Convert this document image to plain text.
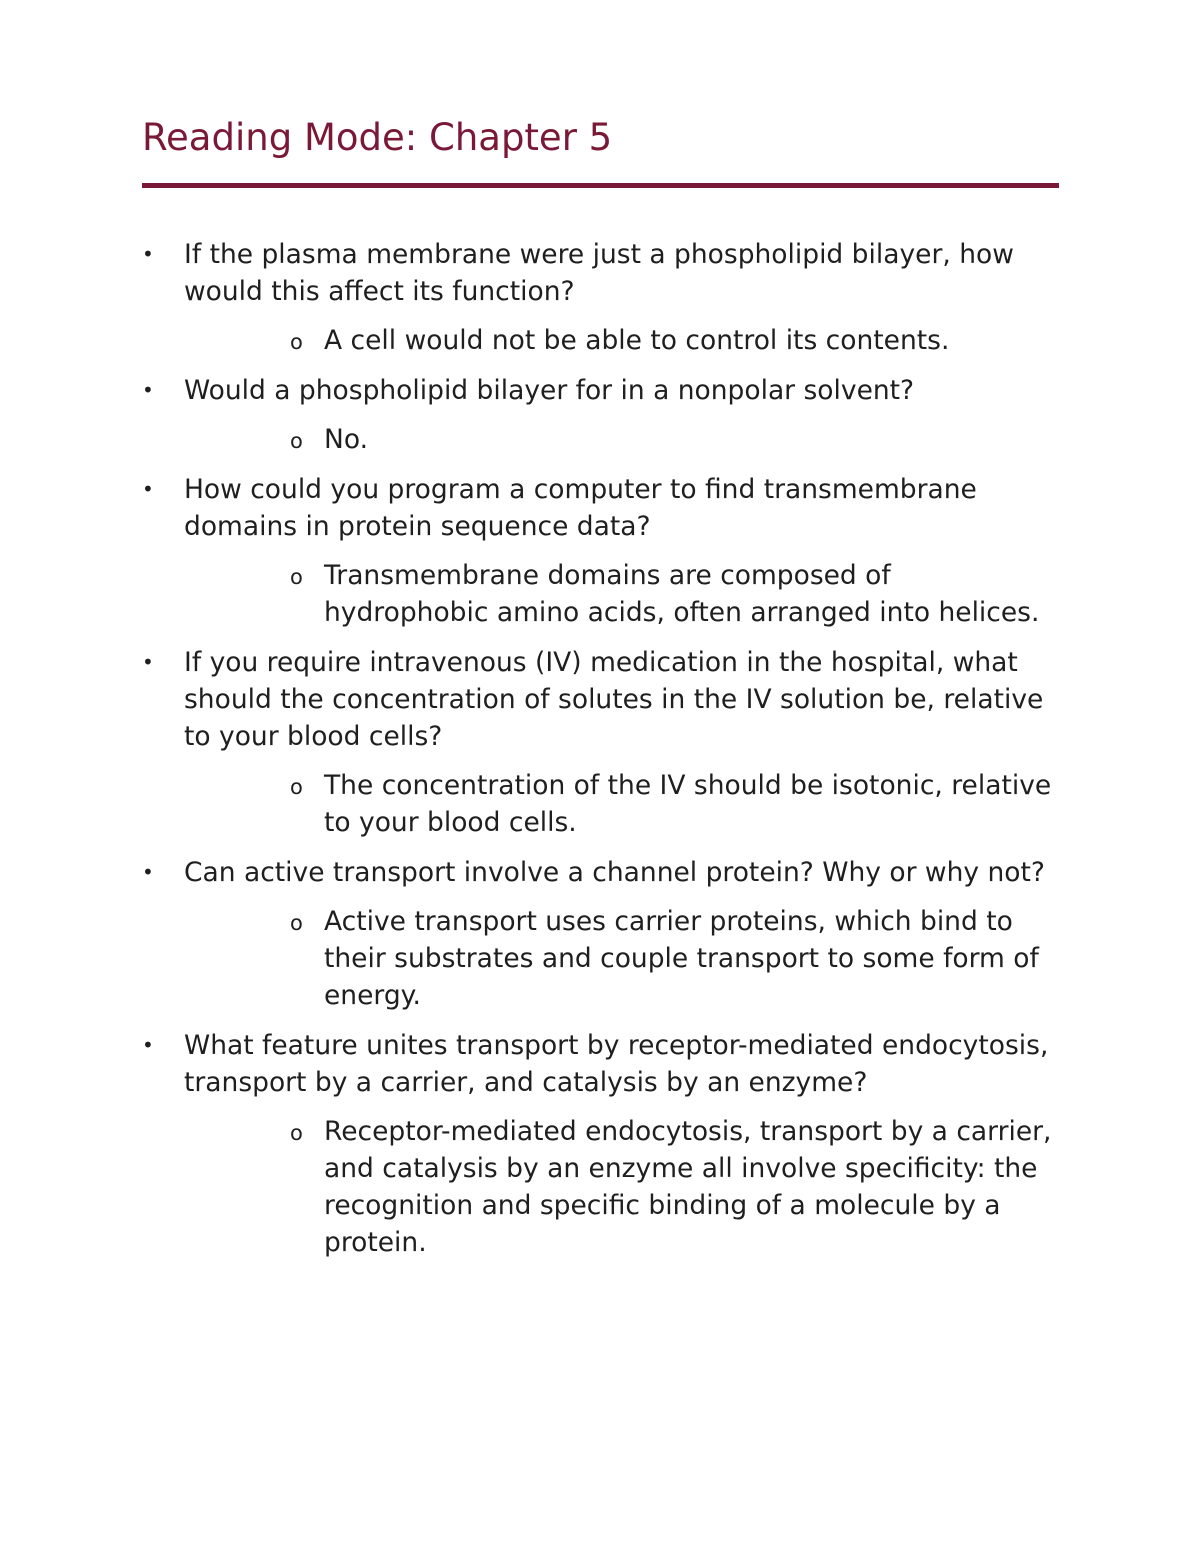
Reading Mode: Chapter 5
•	If the plasma membrane were just a phospholipid bilayer, how would this affect its function?
o A cell would not be able to control its contents.
•	Would a phospholipid bilayer for in a nonpolar solvent?
o No.
•	How could you program a computer to find transmembrane domains in protein sequence data?
o Transmembrane domains are composed of hydrophobic amino acids, often arranged into helices.
•	If you require intravenous (IV) medication in the hospital, what should the concentration of solutes in the IV solution be, relative to your blood cells?
o The concentration of the IV should be isotonic, relative to your blood cells.
•	Can active transport involve a channel protein? Why or why not?
o Active transport uses carrier proteins, which bind to their substrates and couple transport to some form of energy.
•	What feature unites transport by receptor-mediated endocytosis, transport by a carrier, and catalysis by an enzyme?
o Receptor-mediated endocytosis, transport by a carrier, and catalysis by an enzyme all involve specificity: the recognition and specific binding of a molecule by a protein.
